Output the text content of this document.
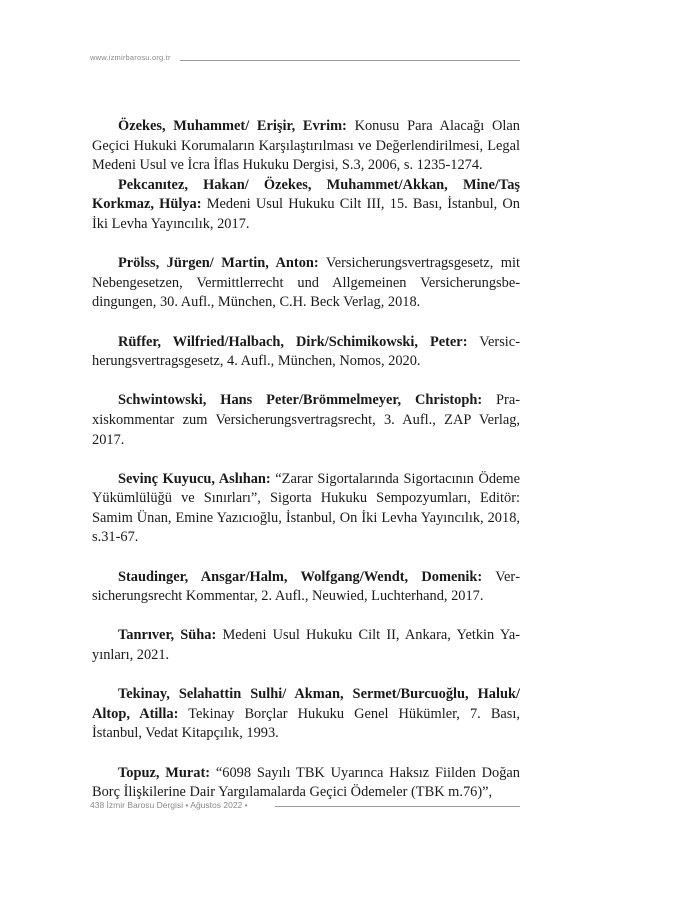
www.izmirbarosu.org.tr

Özekes, Muhammet/ Erişir, Evrim: Konusu Para Alacağı Olan Geçici Hukuki Korumaların Karşılaştırılması ve Değerlendirilmesi, Legal Medeni Usul ve İcra İflas Hukuku Dergisi, S.3, 2006, s. 1235-1274.

Pekcanıtez, Hakan/ Özekes, Muhammet/Akkan, Mine/Taş Korkmaz, Hülya: Medeni Usul Hukuku Cilt III, 15. Bası, İstanbul, On İki Levha Yayıncılık, 2017.

Prölss, Jürgen/ Martin, Anton: Versicherungsvertragsgesetz, mit Nebengesetzen, Vermittlerrecht und Allgemeinen Versicherungsbedingungen, 30. Aufl., München, C.H. Beck Verlag, 2018.

Rüffer, Wilfried/Halbach, Dirk/Schimikowski, Peter: Versicherungsvertragsgesetz, 4. Aufl., München, Nomos, 2020.

Schwintowski, Hans Peter/Brömmelmeyer, Christoph: Praxiskommentar zum Versicherungsvertragsrecht, 3. Aufl., ZAP Verlag, 2017.

Sevinç Kuyucu, Aslıhan: “Zarar Sigortalarında Sigortacının Ödeme Yükümlülüğü ve Sınırları”, Sigorta Hukuku Sempozyumları, Editör: Samim Ünan, Emine Yazıcıoğlu, İstanbul, On İki Levha Yayıncılık, 2018, s.31-67.

Staudinger, Ansgar/Halm, Wolfgang/Wendt, Domenik: Versicherungsrecht Kommentar, 2. Aufl., Neuwied, Luchterhand, 2017.

Tanrıver, Süha: Medeni Usul Hukuku Cilt II, Ankara, Yetkin Yayınları, 2021.

Tekinay, Selahattin Sulhi/ Akman, Sermet/Burcuoğlu, Haluk/ Altop, Atilla: Tekinay Borçlar Hukuku Genel Hükümler, 7. Bası, İstanbul, Vedat Kitapçılık, 1993.

Topuz, Murat: “6098 Sayılı TBK Uyarınca Haksız Fiilden Doğan Borç İlişkilerine Dair Yargılamalarda Geçici Ödemeler (TBK m.76)”,

438 İzmir Barosu Dergisi • Ağustos 2022 •
